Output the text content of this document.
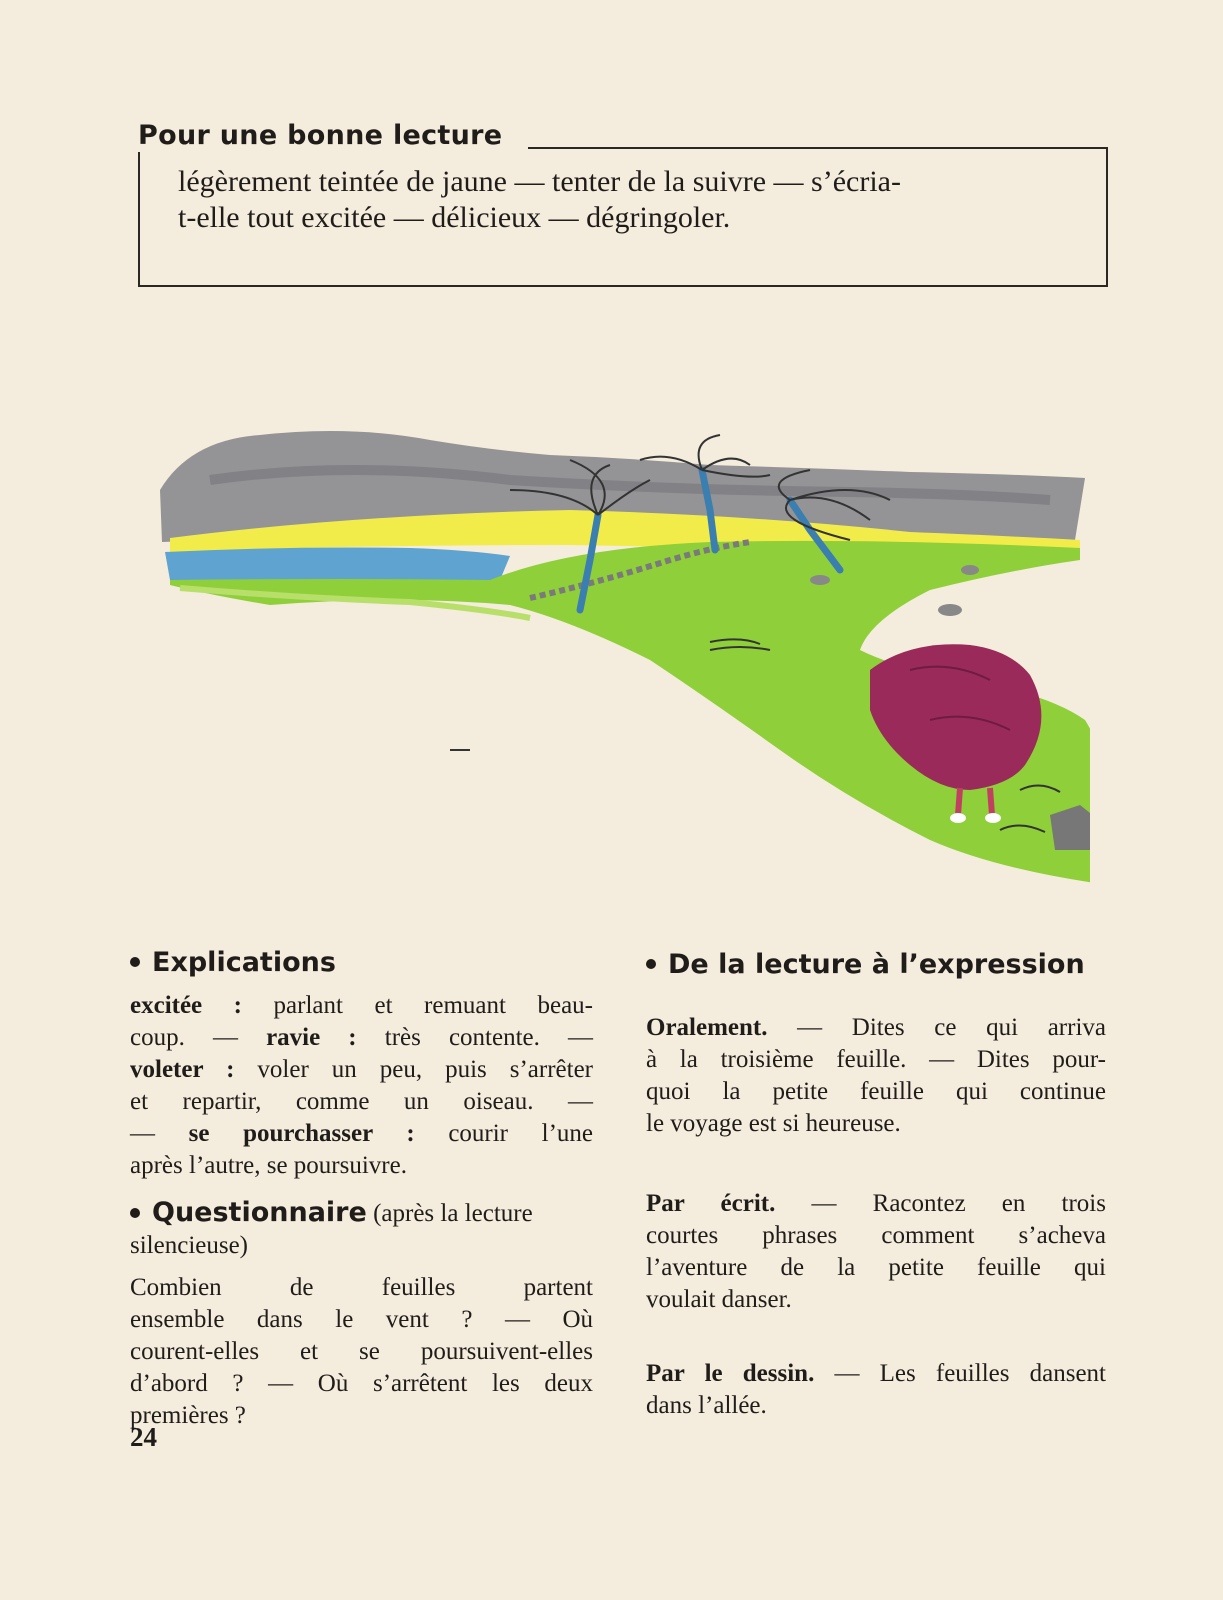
Pour une bonne lecture
légèrement teintée de jaune — tenter de la suivre — s’écria-
t-elle tout excitée — délicieux — dégringoler.
Explications
excitée : parlant et remuant beau-
coup. — ravie : très contente. —
voleter : voler un peu, puis s’arrêter
et repartir, comme un oiseau. —
— se pourchasser : courir l’une
après l’autre, se poursuivre.
Questionnaire (après la lecture
silencieuse)
Combien de feuilles partent
ensemble dans le vent ? — Où
courent-elles et se poursuivent-elles
d’abord ? — Où s’arrêtent les deux
premières ?
De la lecture à l’expression
Oralement. — Dites ce qui arriva
à la troisième feuille. — Dites pour-
quoi la petite feuille qui continue
le voyage est si heureuse.
Par écrit. — Racontez en trois
courtes phrases comment s’acheva
l’aventure de la petite feuille qui
voulait danser.
Par le dessin. — Les feuilles dansent
dans l’allée.
24
